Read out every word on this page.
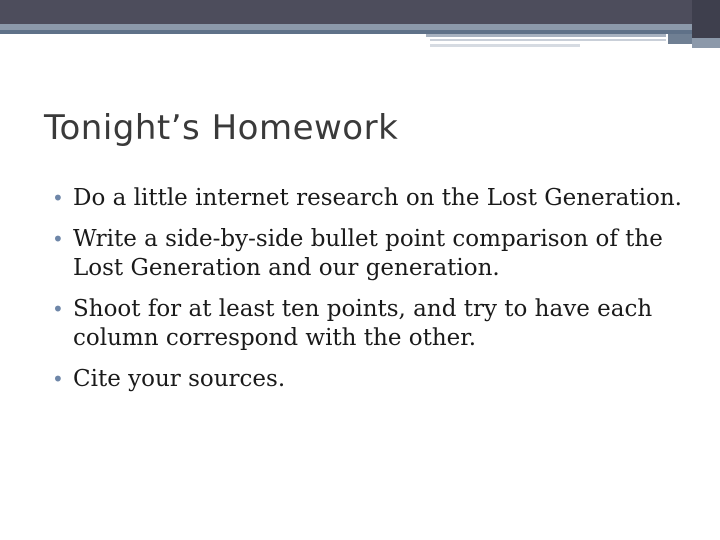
Tonight’s Homework
• Do a little internet research on the Lost Generation.
• Write a side-by-side bullet point comparison of the Lost Generation and our generation.
• Shoot for at least ten points, and try to have each column correspond with the other.
• Cite your sources.
